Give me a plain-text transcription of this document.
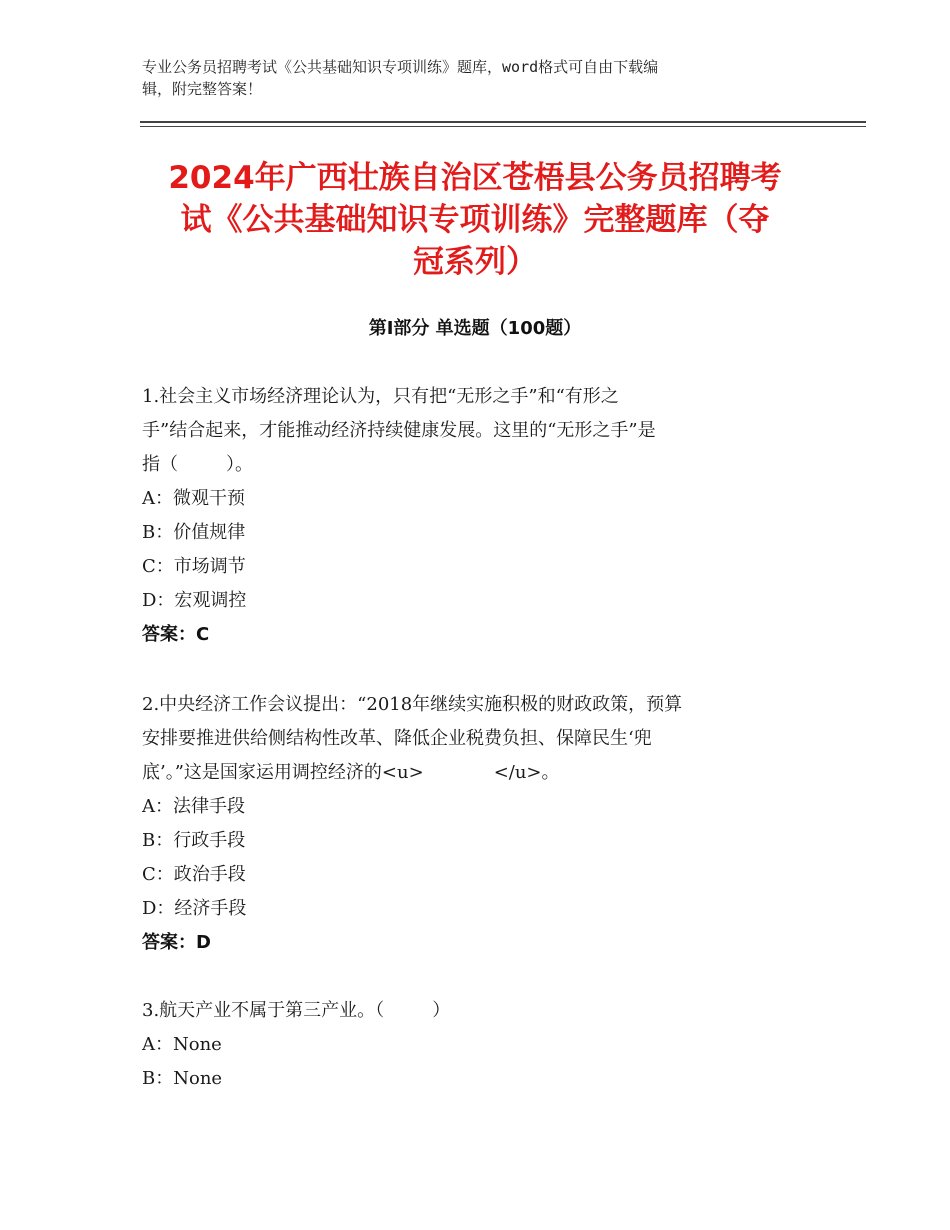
专业公务员招聘考试《公共基础知识专项训练》题库，word格式可自由下载编
辑，附完整答案！
2024年广西壮族自治区苍梧县公务员招聘考
试《公共基础知识专项训练》完整题库（夺
冠系列）
第Ⅰ部分 单选题（100题）
1.社会主义市场经济理论认为，只有把“无形之手”和“有形之
手”结合起来，才能推动经济持续健康发展。这里的“无形之手”是
指（	）。
A：微观干预
B：价值规律
C：市场调节
D：宏观调控
答案：C
2.中央经济工作会议提出：“2018年继续实施积极的财政政策，预算
安排要推进供给侧结构性改革、降低企业税费负担、保障民生‘兜
底’。”这是国家运用调控经济的<u>	</u>。
A：法律手段
B：行政手段
C：政治手段
D：经济手段
答案：D
3.航天产业不属于第三产业。（	）
A：None
B：None
